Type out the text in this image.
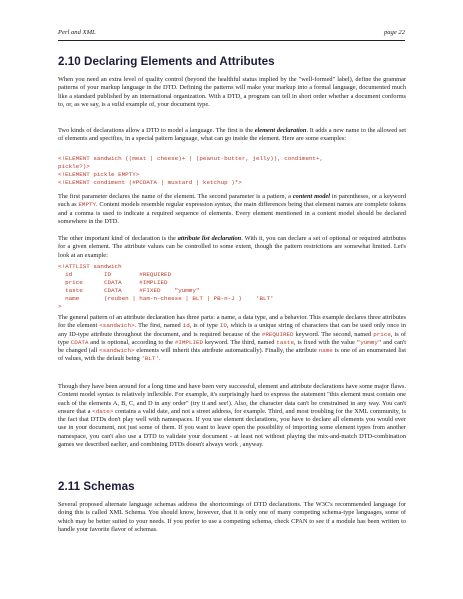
Perl and XML	page 22
2.10 Declaring Elements and Attributes
When you need an extra level of quality control (beyond the healthful status implied by the "well-formed" label), define the grammar patterns of your markup language in the DTD. Defining the patterns will make your markup into a formal language, documented much like a standard published by an international organization. With a DTD, a program can tell in short order whether a document conforms to, or, as we say, is a valid example of, your document type.
Two kinds of declarations allow a DTD to model a language. The first is the element declaration. It adds a new name to the allowed set of elements and specifies, in a special pattern language, what can go inside the element. Here are some examples:
<!ELEMENT sandwich ((meat | cheese)+ | (peanut-butter, jelly)), condiment+,
pickle?)>
<!ELEMENT pickle EMPTY>
<!ELEMENT condiment (#PCDATA | mustard | ketchup )*>
The first parameter declares the name of the element. The second parameter is a pattern, a content model in parentheses, or a keyword such as EMPTY. Content models resemble regular expression syntax, the main differences being that element names are complete tokens and a comma is used to indicate a required sequence of elements. Every element mentioned in a content model should be declared somewhere in the DTD.
The other important kind of declaration is the attribute list declaration. With it, you can declare a set of optional or required attributes for a given element. The attribute values can be controlled to some extent, though the pattern restrictions are somewhat limited. Let's look at an example:
<!ATTLIST sandwich
id         ID        #REQUIRED
price      CDATA     #IMPLIED
taste      CDATA     #FIXED    "yummy"
name       (reuben | ham-n-cheese | BLT | PB-n-J )    'BLT'
>
The general pattern of an attribute declaration has three parts: a name, a data type, and a behavior. This example declares three attributes for the element <sandwich>. The first, named id, is of type ID, which is a unique string of characters that can be used only once in any ID-type attribute throughout the document, and is required because of the #REQUIRED keyword. The second, named price, is of type CDATA and is optional, according to the #IMPLIED keyword. The third, named taste, is fixed with the value "yummy" and can't be changed (all <sandwich> elements will inherit this attribute automatically). Finally, the attribute name is one of an enumerated list of values, with the default being 'BLT'.
Though they have been around for a long time and have been very successful, element and attribute declarations have some major flaws. Content model syntax is relatively inflexible. For example, it's surprisingly hard to express the statement "this element must contain one each of the elements A, B, C, and D in any order" (try it and see!). Also, the character data can't be constrained in any way. You can't ensure that a <date> contains a valid date, and not a street address, for example. Third, and most troubling for the XML community, is the fact that DTDs don't play well with namespaces. If you use element declarations, you have to declare all elements you would ever use in your document, not just some of them. If you want to leave open the possibility of importing some element types from another namespace, you can't also use a DTD to validate your document - at least not without playing the mix-and-match DTD-combination games we described earlier, and combining DTDs doesn't always work , anyway.
2.11 Schemas
Several proposed alternate language schemas address the shortcomings of DTD declarations. The W3C's recommended language for doing this is called XML Schema. You should know, however, that it is only one of many competing schema-type languages, some of which may be better suited to your needs. If you prefer to use a competing schema, check CPAN to see if a module has been written to handle your favorite flavor of schemas.
